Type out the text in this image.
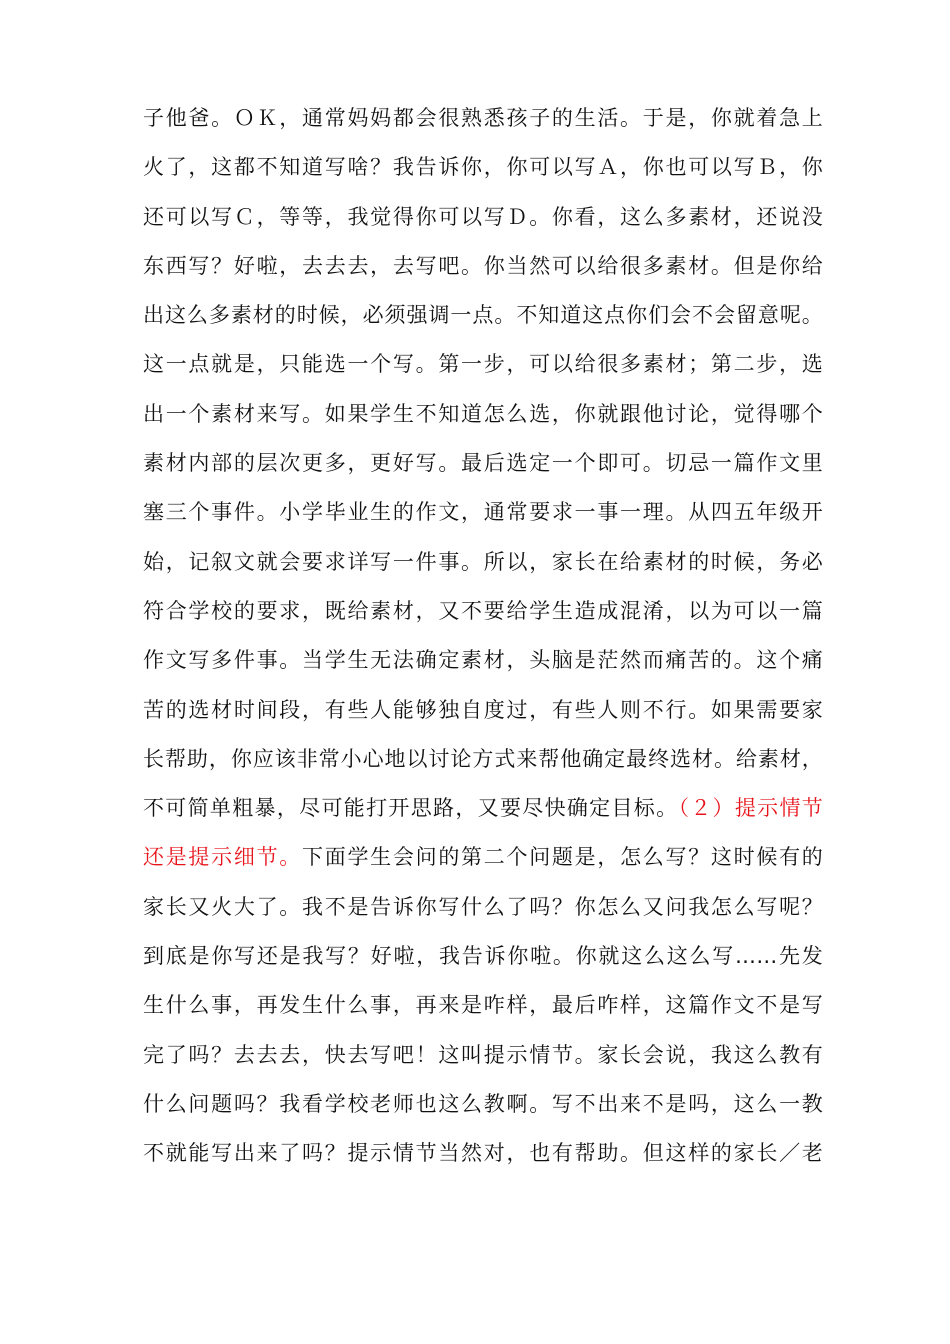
子他爸。ＯＫ，通常妈妈都会很熟悉孩子的生活。于是，你就着急上
火了，这都不知道写啥？我告诉你，你可以写Ａ，你也可以写Ｂ，你
还可以写Ｃ，等等，我觉得你可以写Ｄ。你看，这么多素材，还说没
东西写？好啦，去去去，去写吧。你当然可以给很多素材。但是你给
出这么多素材的时候，必须强调一点。不知道这点你们会不会留意呢。
这一点就是，只能选一个写。第一步，可以给很多素材；第二步，选
出一个素材来写。如果学生不知道怎么选，你就跟他讨论，觉得哪个
素材内部的层次更多，更好写。最后选定一个即可。切忌一篇作文里
塞三个事件。小学毕业生的作文，通常要求一事一理。从四五年级开
始，记叙文就会要求详写一件事。所以，家长在给素材的时候，务必
符合学校的要求，既给素材，又不要给学生造成混淆，以为可以一篇
作文写多件事。当学生无法确定素材，头脑是茫然而痛苦的。这个痛
苦的选材时间段，有些人能够独自度过，有些人则不行。如果需要家
长帮助，你应该非常小心地以讨论方式来帮他确定最终选材。给素材，
不可简单粗暴，尽可能打开思路，又要尽快确定目标。（２）提示情节
还是提示细节。下面学生会问的第二个问题是，怎么写？这时候有的
家长又火大了。我不是告诉你写什么了吗？你怎么又问我怎么写呢？
到底是你写还是我写？好啦，我告诉你啦。你就这么这么写……先发
生什么事，再发生什么事，再来是咋样，最后咋样，这篇作文不是写
完了吗？去去去，快去写吧！这叫提示情节。家长会说，我这么教有
什么问题吗？我看学校老师也这么教啊。写不出来不是吗，这么一教
不就能写出来了吗？提示情节当然对，也有帮助。但这样的家长／老
